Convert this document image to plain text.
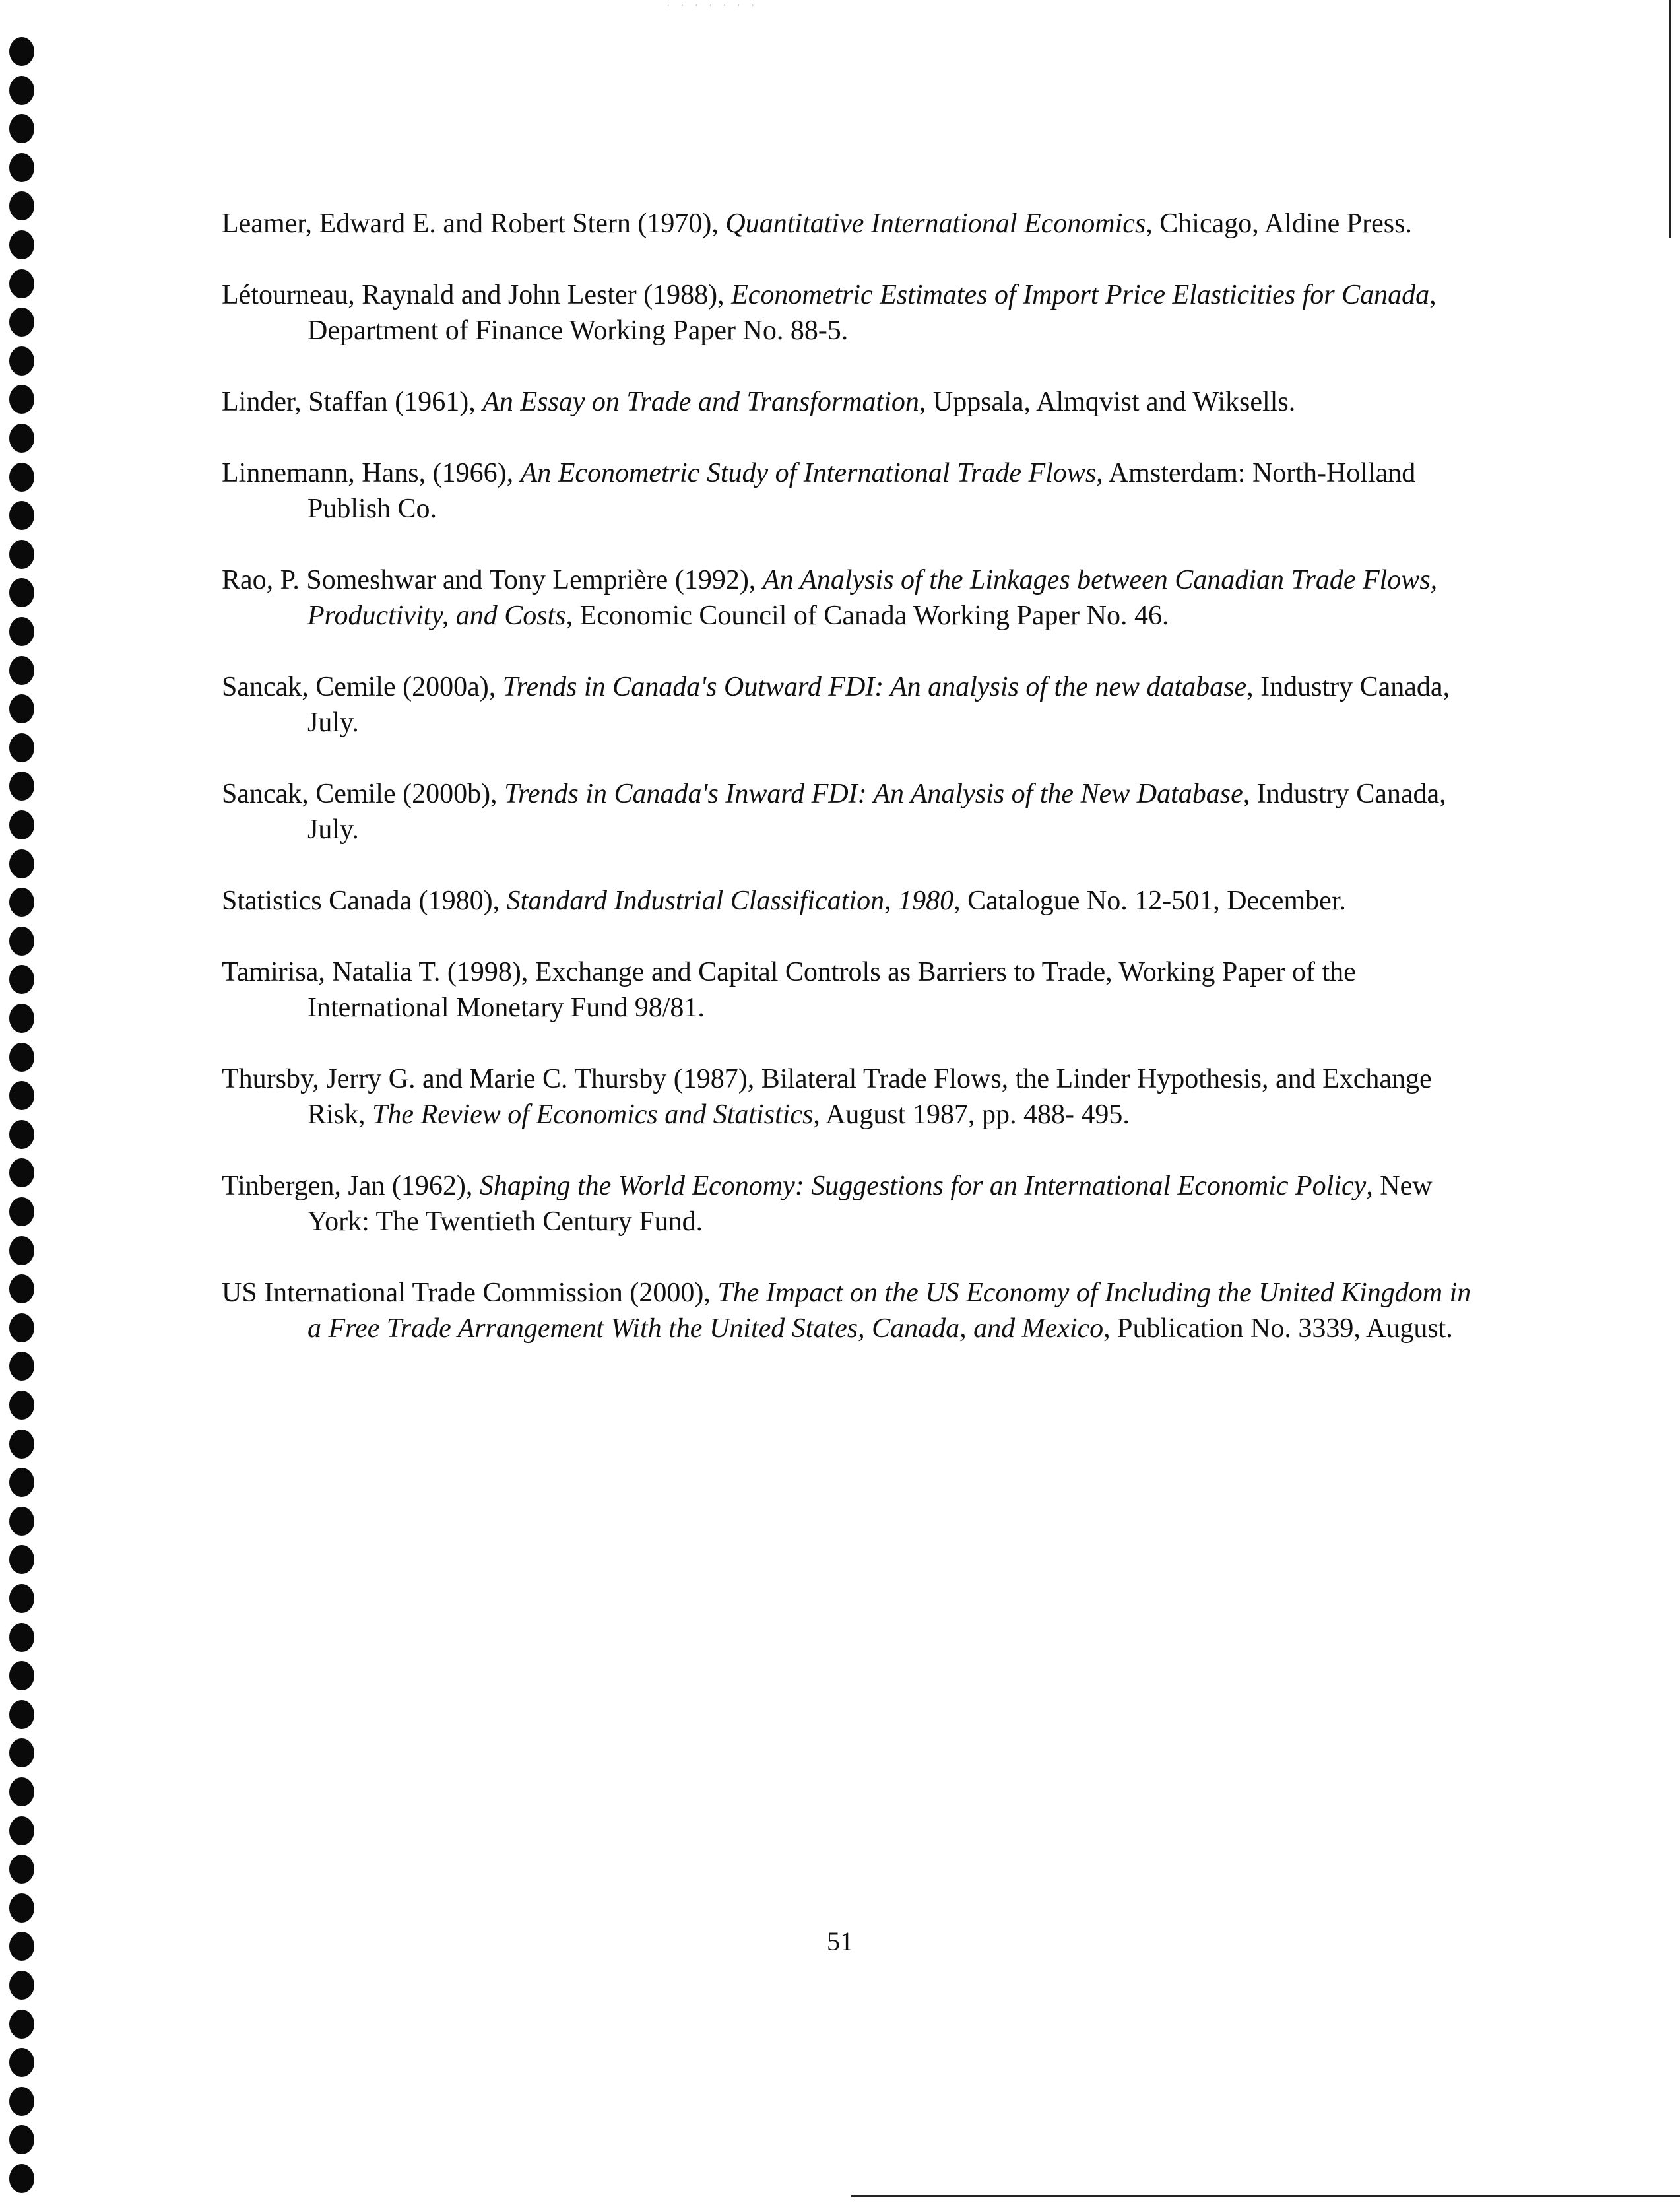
· · · · · · ·

Leamer, Edward E. and Robert Stern (1970), Quantitative International Economics, Chicago, Aldine Press.

Létourneau, Raynald and John Lester (1988), Econometric Estimates of Import Price Elasticities for Canada, Department of Finance Working Paper No. 88-5.

Linder, Staffan (1961), An Essay on Trade and Transformation, Uppsala, Almqvist and Wiksells.

Linnemann, Hans, (1966), An Econometric Study of International Trade Flows, Amsterdam: North-Holland Publish Co.

Rao, P. Someshwar and Tony Lemprière (1992), An Analysis of the Linkages between Canadian Trade Flows, Productivity, and Costs, Economic Council of Canada Working Paper No. 46.

Sancak, Cemile (2000a), Trends in Canada's Outward FDI: An analysis of the new database, Industry Canada, July.

Sancak, Cemile (2000b), Trends in Canada's Inward FDI: An Analysis of the New Database, Industry Canada, July.

Statistics Canada (1980), Standard Industrial Classification, 1980, Catalogue No. 12-501, December.

Tamirisa, Natalia T. (1998), Exchange and Capital Controls as Barriers to Trade, Working Paper of the International Monetary Fund 98/81.

Thursby, Jerry G. and Marie C. Thursby (1987), Bilateral Trade Flows, the Linder Hypothesis, and Exchange Risk, The Review of Economics and Statistics, August 1987, pp. 488- 495.

Tinbergen, Jan (1962), Shaping the World Economy: Suggestions for an International Economic Policy, New York: The Twentieth Century Fund.

US International Trade Commission (2000), The Impact on the US Economy of Including the United Kingdom in a Free Trade Arrangement With the United States, Canada, and Mexico, Publication No. 3339, August.

51
